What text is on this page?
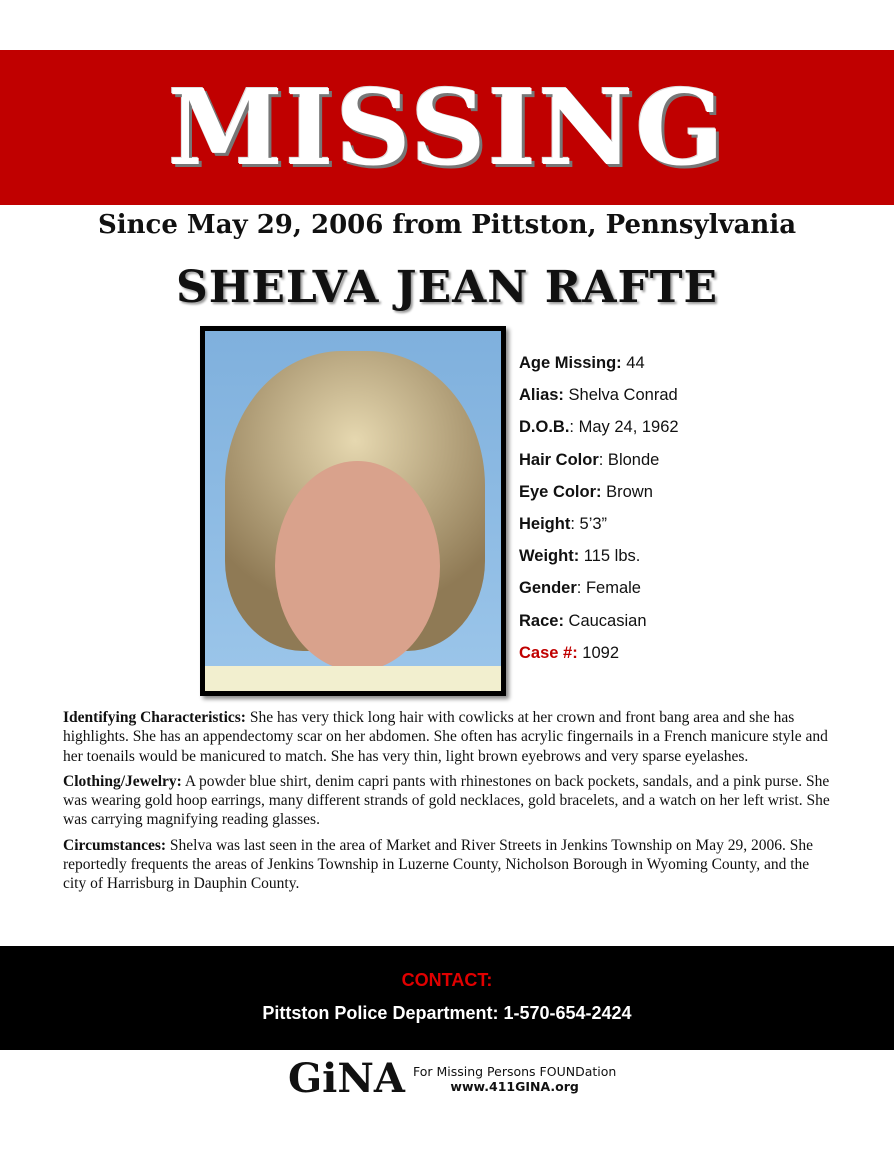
MISSING
Since May 29, 2006 from Pittston, Pennsylvania
SHELVA JEAN RAFTE
Age Missing: 44
Alias: Shelva Conrad
D.O.B.: May 24, 1962
Hair Color: Blonde
Eye Color: Brown
Height: 5’3”
Weight: 115 lbs.
Gender: Female
Race: Caucasian
Case #: 1092

Identifying Characteristics: She has very thick long hair with cowlicks at her crown and front bang area and she has highlights. She has an appendectomy scar on her abdomen. She often has acrylic fingernails in a French manicure style and her toenails would be manicured to match. She has very thin, light brown eyebrows and very sparse eyelashes.

Clothing/Jewelry: A powder blue shirt, denim capri pants with rhinestones on back pockets, sandals, and a pink purse. She was wearing gold hoop earrings, many different strands of gold necklaces, gold bracelets, and a watch on her left wrist. She was carrying magnifying reading glasses.

Circumstances: Shelva was last seen in the area of Market and River Streets in Jenkins Township on May 29, 2006. She reportedly frequents the areas of Jenkins Township in Luzerne County, Nicholson Borough in Wyoming County, and the city of Harrisburg in Dauphin County.

CONTACT:
Pittston Police Department: 1-570-654-2424
GiNA For Missing Persons FOUNDation
www.411GINA.org
